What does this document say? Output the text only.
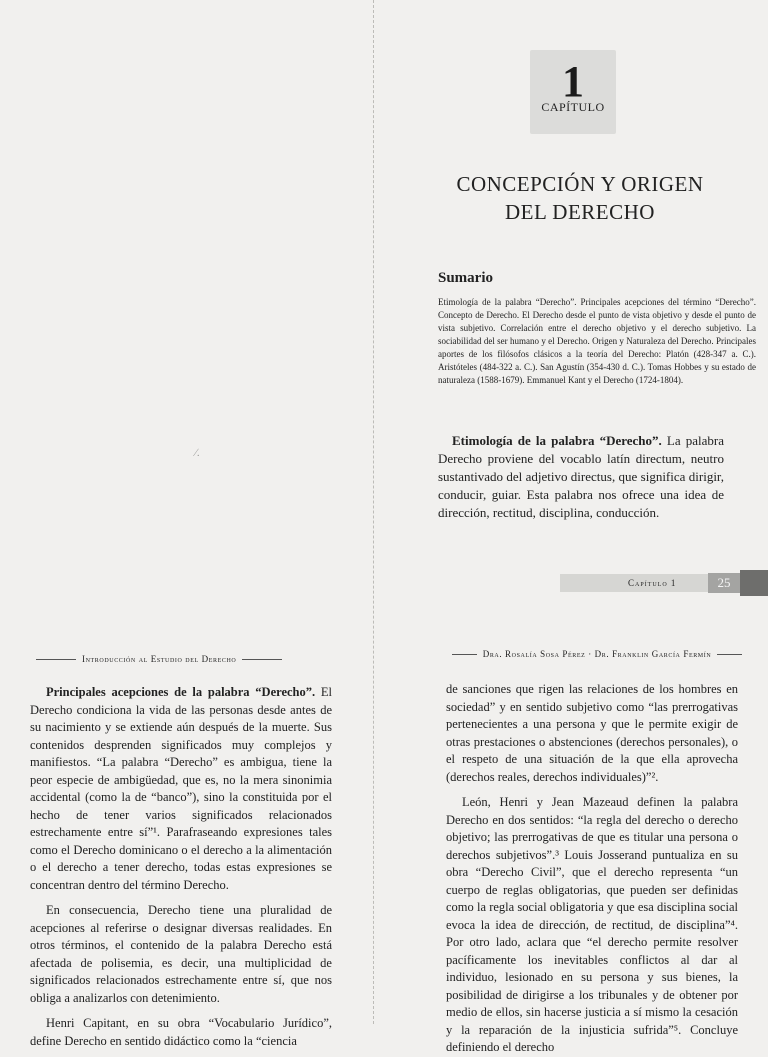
1
CAPÍTULO
CONCEPCIÓN Y ORIGEN
DEL DERECHO
Sumario
Etimología de la palabra “Derecho”. Principales acepciones del término “Derecho”. Concepto de Derecho. El Derecho desde el punto de vista objetivo y desde el punto de vista subjetivo. Correlación entre el derecho objetivo y el derecho subjetivo. La sociabilidad del ser humano y el Derecho. Origen y Naturaleza del Derecho. Principales aportes de los filósofos clásicos a la teoría del Derecho: Platón (428-347 a. C.). Aristóteles (484-322 a. C.). San Agustín (354-430 d. C.). Tomas Hobbes y su estado de naturaleza (1588-1679). Emmanuel Kant y el Derecho (1724-1804).
Etimología de la palabra “Derecho”. La palabra Derecho proviene del vocablo latín directum, neutro sustantivado del adjetivo directus, que significa dirigir, conducir, guiar. Esta palabra nos ofrece una idea de dirección, rectitud, disciplina, conducción.
∕.
Capítulo 1	25
Introducción al Estudio del Derecho

Principales acepciones de la palabra “Derecho”. El Derecho condiciona la vida de las personas desde antes de su nacimiento y se extiende aún después de la muerte. Sus contenidos desprenden significados muy complejos y manifiestos. “La palabra “Derecho” es ambigua, tiene la peor especie de ambigüedad, que es, no la mera sinonimia accidental (como la de “banco”), sino la constituida por el hecho de tener varios significados relacionados estrechamente entre sí”¹. Parafraseando expresiones tales como el Derecho dominicano o el derecho a la alimentación o el derecho a tener derecho, todas estas expresiones se concentran dentro del término Derecho.

En consecuencia, Derecho tiene una pluralidad de acepciones al referirse o designar diversas realidades. En otros términos, el contenido de la palabra Derecho está afectada de polisemia, es decir, una multiplicidad de significados relacionados estrechamente entre sí, que nos obliga a analizarlos con detenimiento.

Henri Capitant, en su obra “Vocabulario Jurídico”, define Derecho en sentido didáctico como la “ciencia

Dra. Rosalía Sosa Pérez · Dr. Franklin García Fermín

de sanciones que rigen las relaciones de los hombres en sociedad” y en sentido subjetivo como “las prerrogativas pertenecientes a una persona y que le permite exigir de otras prestaciones o abstenciones (derechos personales), o el respeto de una situación de la que ella aprovecha (derechos reales, derechos individuales)”².

León, Henri y Jean Mazeaud definen la palabra Derecho en dos sentidos: “la regla del derecho o derecho objetivo; las prerrogativas de que es titular una persona o derechos subjetivos”.³ Louis Josserand puntualiza en su obra “Derecho Civil”, que el derecho representa “un cuerpo de reglas obligatorias, que pueden ser definidas como la regla social obligatoria y que esa disciplina social evoca la idea de dirección, de rectitud, de disciplina”⁴. Por otro lado, aclara que “el derecho permite resolver pacíficamente los inevitables conflictos al dar al individuo, lesionado en su persona y sus bienes, la posibilidad de dirigirse a los tribunales y de obtener por medio de ellos, sin hacerse justicia a sí mismo la cesación y la reparación de la injusticia sufrida”⁵. Concluye definiendo el derecho
